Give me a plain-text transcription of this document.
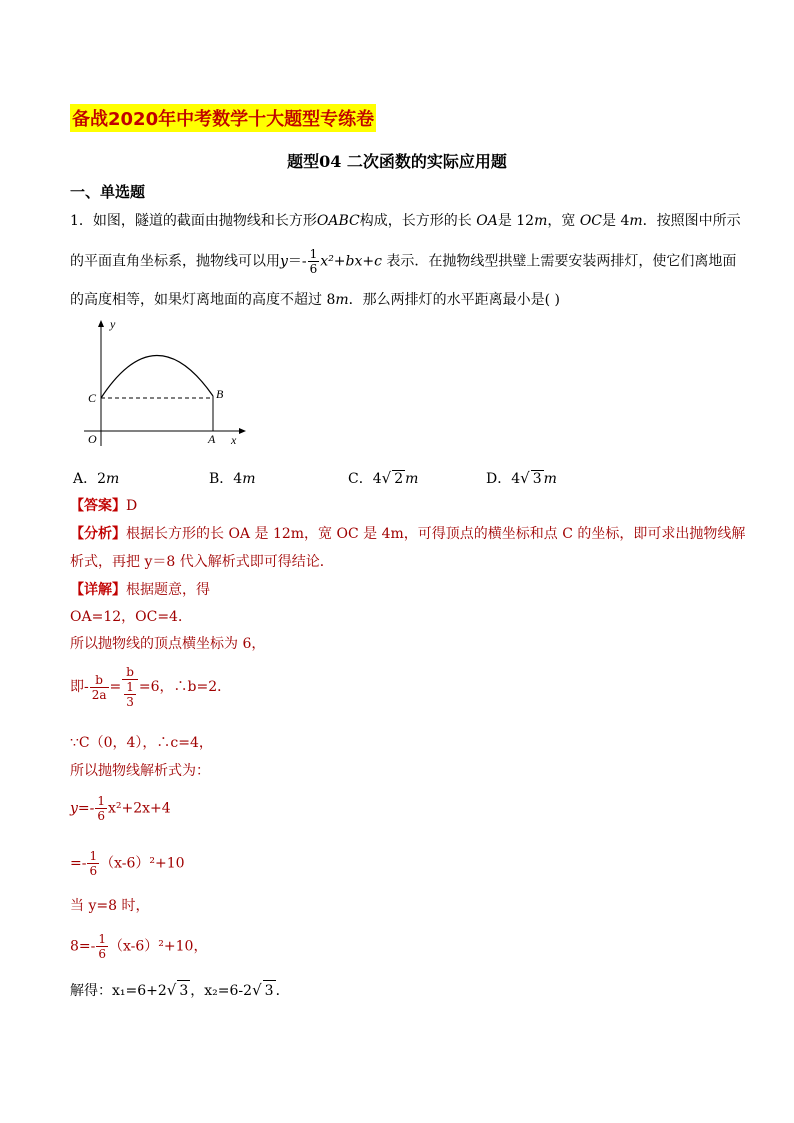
备战2020年中考数学十大题型专练卷
题型04 二次函数的实际应用题
一、单选题
1．如图，隧道的截面由抛物线和长方形OABC构成，长方形的长 OA是 12m，宽 OC是 4m．按照图中所示
的平面直角坐标系，抛物线可以用$y=- \frac{1}{6} x^2+bx+c$ 表示．在抛物线型拱璧上需要安装两排灯，使它们离地面
的高度相等，如果灯离地面的高度不超过 8m．那么两排灯的水平距离最小是( )
y
x
C	B
O	A
A．2m	B．4m	C．4√ 2 m	D．4√ 3 m
【答案】D
【分析】根据长方形的长 OA 是 12m，宽 OC 是 4m，可得顶点的横坐标和点 C 的坐标，即可求出抛物线解
析式，再把 y＝8 代入解析式即可得结论．
【详解】根据题意，得
OA=12，OC=4．
所以抛物线的顶点横坐标为 6，
即- $\frac{b}{2a} = \frac{b}{\frac{1}{3}} =6$，∴b=2．
∵C（0，4），∴c=4，
所以抛物线解析式为：
$y=- \frac{1}{6} x^2+2x+4$
=- $\frac{1}{6} (x-6)^2+10$
当 y=8 时，
$8=- \frac{1}{6} (x-6)^2+10$，
解得：x₁=6+2√ 3 ，x₂=6-2√ 3 ．
